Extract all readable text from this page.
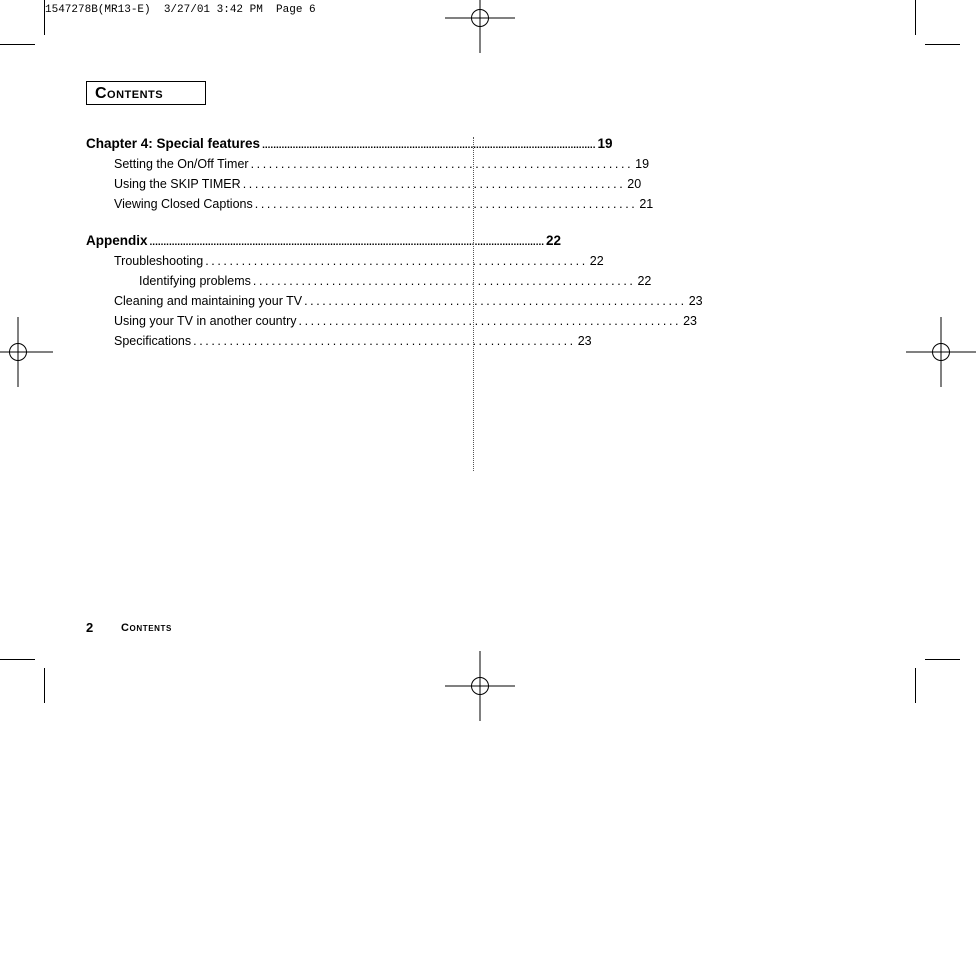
1547278B(MR13-E)  3/27/01 3:42 PM  Page 6
Contents
Chapter 4: Special features ........................................................................................................................ 19
Setting the On/Off Timer ............................................................... 19
Using the SKIP TIMER ............................................................... 20
Viewing Closed Captions ............................................................... 21
Appendix .............................................................................................................................................. 22
Troubleshooting ............................................................... 22
Identifying problems ............................................................... 22
Cleaning and maintaining your TV ............................................................... 23
Using your TV in another country ............................................................... 23
Specifications ............................................................... 23
2	Contents
